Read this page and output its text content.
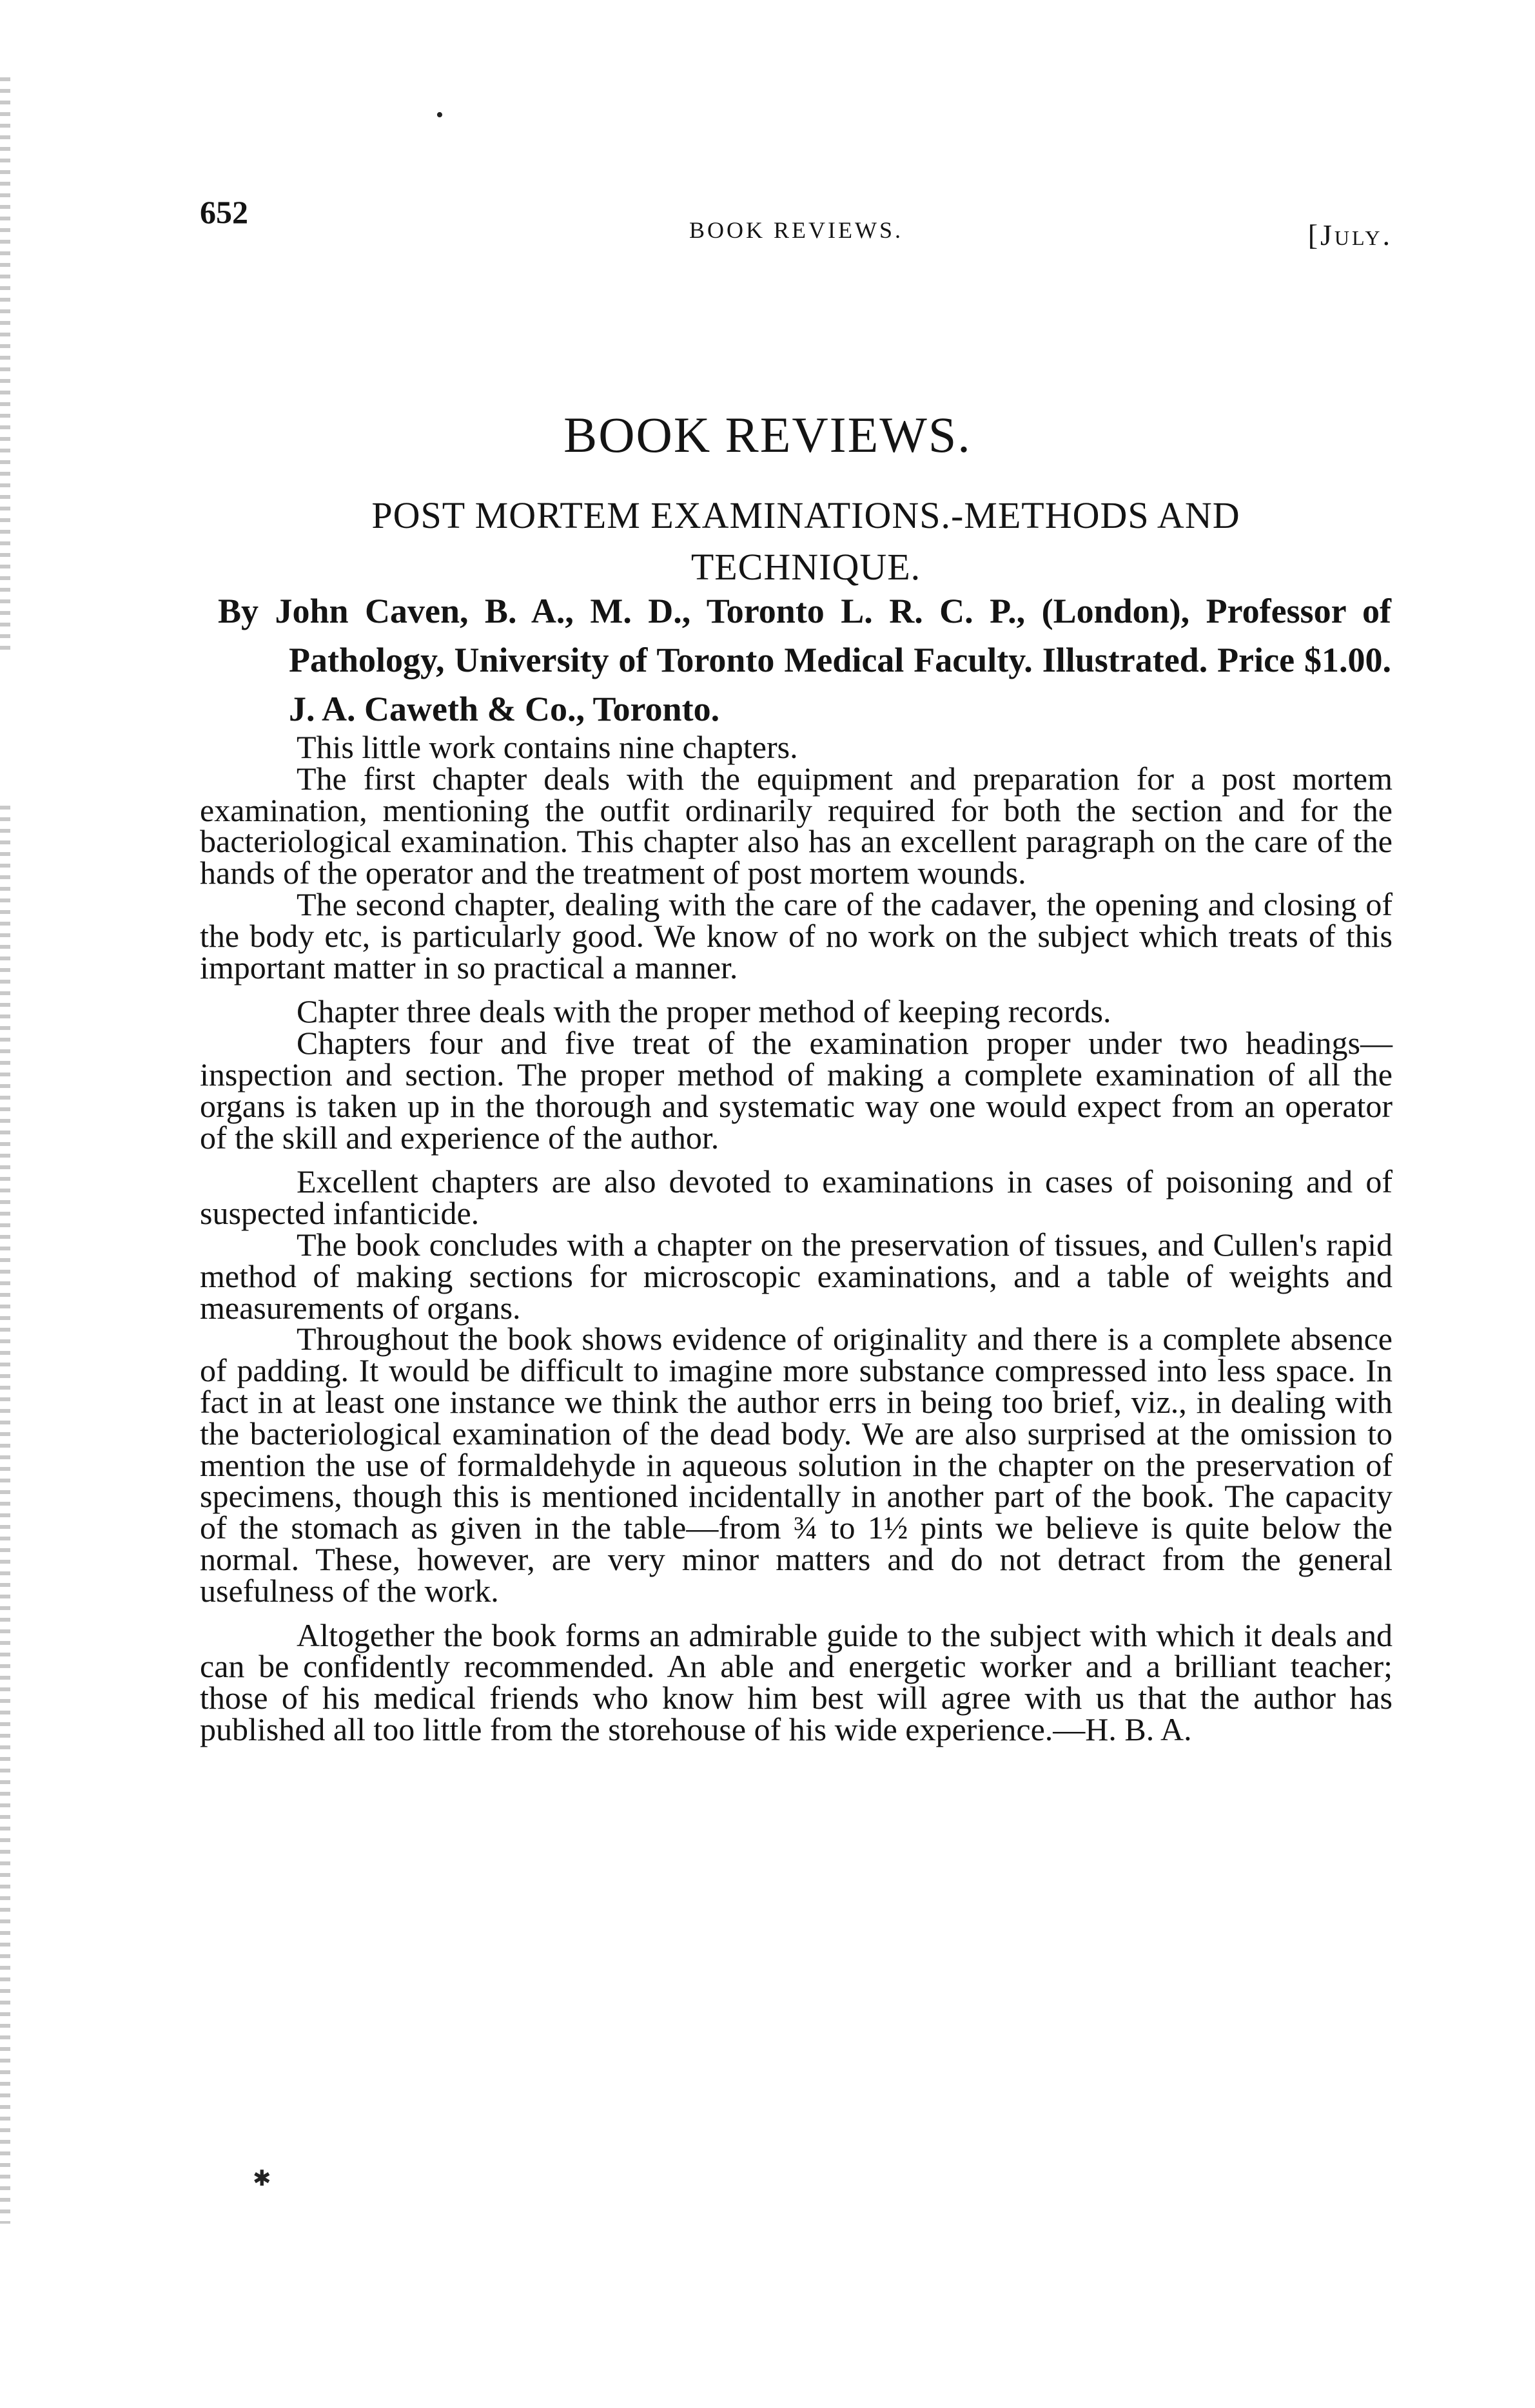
•
✱
652	BOOK REVIEWS.	[July.
BOOK REVIEWS.
POST MORTEM EXAMINATIONS.-METHODS AND TECHNIQUE.
By John Caven, B. A., M. D., Toronto L. R. C. P., (London), Professor of Pathology, University of Toronto Medical Faculty. Illustrated. Price $1.00. J. A. Caweth & Co., Toronto.

This little work contains nine chapters.

The first chapter deals with the equipment and preparation for a post mortem examination, mentioning the outfit ordinarily required for both the section and for the bacteriological examination. This chapter also has an excellent paragraph on the care of the hands of the operator and the treatment of post mortem wounds.

The second chapter, dealing with the care of the cadaver, the opening and closing of the body etc, is particularly good. We know of no work on the subject which treats of this important matter in so practical a manner.

Chapter three deals with the proper method of keeping records.

Chapters four and five treat of the examination proper under two headings—inspection and section. The proper method of making a complete examination of all the organs is taken up in the thorough and systematic way one would expect from an operator of the skill and experience of the author.

Excellent chapters are also devoted to examinations in cases of poisoning and of suspected infanticide.

The book concludes with a chapter on the preservation of tissues, and Cullen's rapid method of making sections for microscopic examinations, and a table of weights and measurements of organs.

Throughout the book shows evidence of originality and there is a complete absence of padding. It would be difficult to imagine more substance compressed into less space. In fact in at least one instance we think the author errs in being too brief, viz., in dealing with the bacteriological examination of the dead body. We are also surprised at the omission to mention the use of formaldehyde in aqueous solution in the chapter on the preservation of specimens, though this is mentioned incidentally in another part of the book. The capacity of the stomach as given in the table—from ¾ to 1½ pints we believe is quite below the normal. These, however, are very minor matters and do not detract from the general usefulness of the work.

Altogether the book forms an admirable guide to the subject with which it deals and can be confidently recommended. An able and energetic worker and a brilliant teacher; those of his medical friends who know him best will agree with us that the author has published all too little from the storehouse of his wide experience.—H. B. A.
